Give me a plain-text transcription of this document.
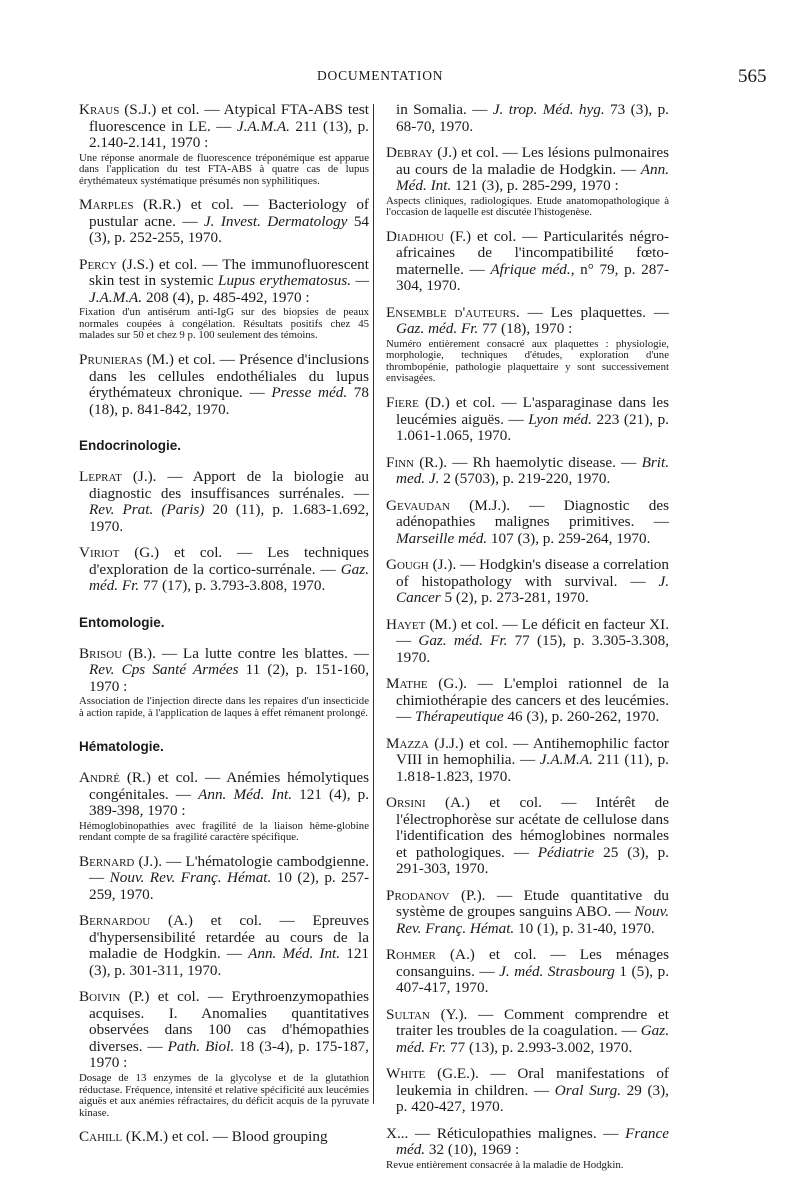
DOCUMENTATION	565
Kraus (S.J.) et col. — Atypical FTA-ABS test fluorescence in LE. — J.A.M.A. 211 (13), p. 2.140-2.141, 1970 :
Une réponse anormale de fluorescence tréponémique est apparue dans l'application du test FTA-ABS à quatre cas de lupus érythémateux systématique présumés non syphilitiques.
Marples (R.R.) et col. — Bacteriology of pustular acne. — J. Invest. Dermatology 54 (3), p. 252-255, 1970.
Percy (J.S.) et col. — The immunofluorescent skin test in systemic Lupus erythematosus. — J.A.M.A. 208 (4), p. 485-492, 1970 :
Fixation d'un antisérum anti-IgG sur des biopsies de peaux normales coupées à congélation. Résultats positifs chez 45 malades sur 50 et chez 9 p. 100 seulement des témoins.
Prunieras (M.) et col. — Présence d'inclusions dans les cellules endothéliales du lupus érythémateux chronique. — Presse méd. 78 (18), p. 841-842, 1970.
Endocrinologie.
Leprat (J.). — Apport de la biologie au diagnostic des insuffisances surrénales. — Rev. Prat. (Paris) 20 (11), p. 1.683-1.692, 1970.
Viriot (G.) et col. — Les techniques d'exploration de la cortico-surrénale. — Gaz. méd. Fr. 77 (17), p. 3.793-3.808, 1970.
Entomologie.
Brisou (B.). — La lutte contre les blattes. — Rev. Cps Santé Armées 11 (2), p. 151-160, 1970 :
Association de l'injection directe dans les repaires d'un insecticide à action rapide, à l'application de laques à effet rémanent prolongé.
Hématologie.
André (R.) et col. — Anémies hémolytiques congénitales. — Ann. Méd. Int. 121 (4), p. 389-398, 1970 :
Hémoglobinopathies avec fragilité de la liaison hème-globine rendant compte de sa fragilité caractère spécifique.
Bernard (J.). — L'hématologie cambodgienne. — Nouv. Rev. Franç. Hémat. 10 (2), p. 257-259, 1970.
Bernardou (A.) et col. — Epreuves d'hypersensibilité retardée au cours de la maladie de Hodgkin. — Ann. Méd. Int. 121 (3), p. 301-311, 1970.
Boivin (P.) et col. — Erythroenzymopathies acquises. I. Anomalies quantitatives observées dans 100 cas d'hémopathies diverses. — Path. Biol. 18 (3-4), p. 175-187, 1970 :
Dosage de 13 enzymes de la glycolyse et de la glutathion réductase. Fréquence, intensité et relative spécificité aux leucémies aiguës et aux anémies réfractaires, du déficit acquis de la pyruvate kinase.
Cahill (K.M.) et col. — Blood grouping
in Somalia. — J. trop. Méd. hyg. 73 (3), p. 68-70, 1970.
Debray (J.) et col. — Les lésions pulmonaires au cours de la maladie de Hodgkin. — Ann. Méd. Int. 121 (3), p. 285-299, 1970 :
Aspects cliniques, radiologiques. Etude anatomopathologique à l'occasion de laquelle est discutée l'histogenèse.
Diadhiou (F.) et col. — Particularités négro-africaines de l'incompatibilité fœto-maternelle. — Afrique méd., n° 79, p. 287-304, 1970.
Ensemble d'auteurs. — Les plaquettes. — Gaz. méd. Fr. 77 (18), 1970 :
Numéro entièrement consacré aux plaquettes : physiologie, morphologie, techniques d'études, exploration d'une thrombopénie, pathologie plaquettaire y sont successivement envisagées.
Fiere (D.) et col. — L'asparaginase dans les leucémies aiguës. — Lyon méd. 223 (21), p. 1.061-1.065, 1970.
Finn (R.). — Rh haemolytic disease. — Brit. med. J. 2 (5703), p. 219-220, 1970.
Gevaudan (M.J.). — Diagnostic des adénopathies malignes primitives. — Marseille méd. 107 (3), p. 259-264, 1970.
Gough (J.). — Hodgkin's disease a correlation of histopathology with survival. — J. Cancer 5 (2), p. 273-281, 1970.
Hayet (M.) et col. — Le déficit en facteur XI. — Gaz. méd. Fr. 77 (15), p. 3.305-3.308, 1970.
Mathe (G.). — L'emploi rationnel de la chimiothérapie des cancers et des leucémies. — Thérapeutique 46 (3), p. 260-262, 1970.
Mazza (J.J.) et col. — Antihemophilic factor VIII in hemophilia. — J.A.M.A. 211 (11), p. 1.818-1.823, 1970.
Orsini (A.) et col. — Intérêt de l'électrophorèse sur acétate de cellulose dans l'identification des hémoglobines normales et pathologiques. — Pédiatrie 25 (3), p. 291-303, 1970.
Prodanov (P.). — Etude quantitative du système de groupes sanguins ABO. — Nouv. Rev. Franç. Hémat. 10 (1), p. 31-40, 1970.
Rohmer (A.) et col. — Les ménages consanguins. — J. méd. Strasbourg 1 (5), p. 407-417, 1970.
Sultan (Y.). — Comment comprendre et traiter les troubles de la coagulation. — Gaz. méd. Fr. 77 (13), p. 2.993-3.002, 1970.
White (G.E.). — Oral manifestations of leukemia in children. — Oral Surg. 29 (3), p. 420-427, 1970.
X... — Réticulopathies malignes. — France méd. 32 (10), 1969 :
Revue entièrement consacrée à la maladie de Hodgkin.
